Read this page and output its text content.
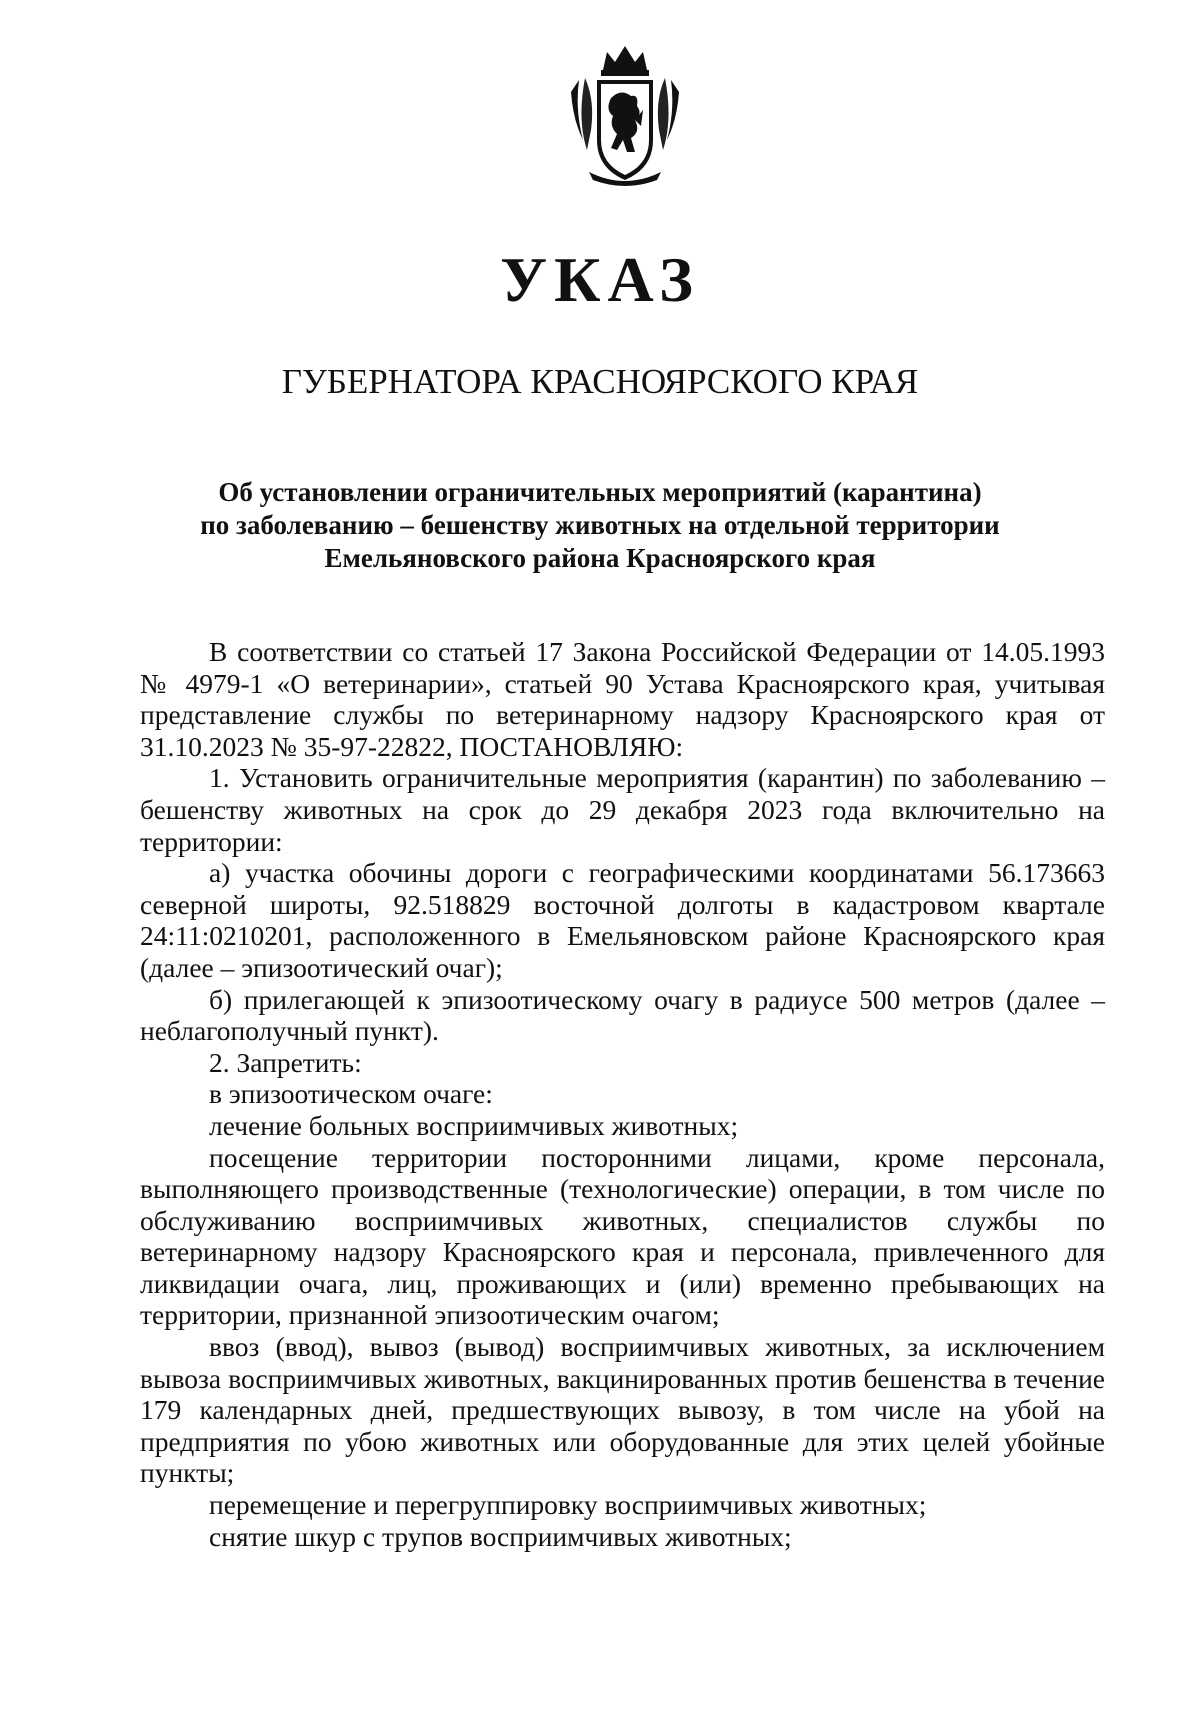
УКАЗ
ГУБЕРНАТОРА КРАСНОЯРСКОГО КРАЯ
Об установлении ограничительных мероприятий (карантина)
по заболеванию – бешенству животных на отдельной территории
Емельяновского района Красноярского края

В соответствии со статьей 17 Закона Российской Федерации от 14.05.1993 № 4979-1 «О ветеринарии», статьей 90 Устава Красноярского края, учитывая представление службы по ветеринарному надзору Красноярского края от 31.10.2023 № 35-97-22822, ПОСТАНОВЛЯЮ:

1. Установить ограничительные мероприятия (карантин) по заболеванию – бешенству животных на срок до 29 декабря 2023 года включительно на территории:

а) участка обочины дороги с географическими координатами 56.173663 северной широты, 92.518829 восточной долготы в кадастровом квартале 24:11:0210201, расположенного в Емельяновском районе Красноярского края (далее – эпизоотический очаг);

б) прилегающей к эпизоотическому очагу в радиусе 500 метров (далее – неблагополучный пункт).

2. Запретить:

в эпизоотическом очаге:

лечение больных восприимчивых животных;

посещение территории посторонними лицами, кроме персонала, выполняющего производственные (технологические) операции, в том числе по обслуживанию восприимчивых животных, специалистов службы по ветеринарному надзору Красноярского края и персонала, привлеченного для ликвидации очага, лиц, проживающих и (или) временно пребывающих на территории, признанной эпизоотическим очагом;

ввоз (ввод), вывоз (вывод) восприимчивых животных, за исключением вывоза восприимчивых животных, вакцинированных против бешенства в течение 179 календарных дней, предшествующих вывозу, в том числе на убой на предприятия по убою животных или оборудованные для этих целей убойные пункты;

перемещение и перегруппировку восприимчивых животных;

снятие шкур с трупов восприимчивых животных;
